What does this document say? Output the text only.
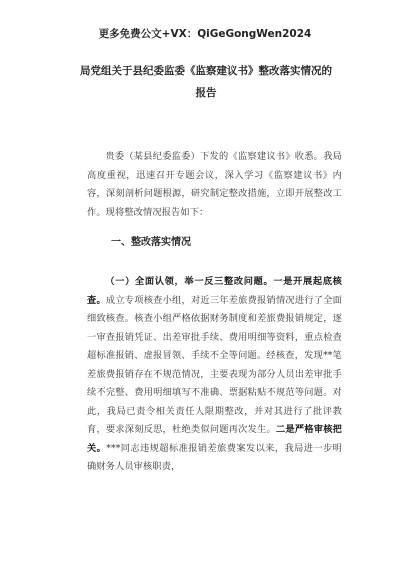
更多免费公文+VX：QiGeGongWen2024
局党组关于县纪委监委《监察建议书》整改落实情况的报告
贵委（某县纪委监委）下发的《监察建议书》收悉。我局高度重视，迅速召开专题会议，深入学习《监察建议书》内容，深刻剖析问题根源，研究制定整改措施，立即开展整改工作。现将整改情况报告如下：
一、整改落实情况
（一）全面认领，举一反三整改问题。一是开展起底核查。成立专项核查小组，对近三年差旅费报销情况进行了全面细致核查。核查小组严格依据财务制度和差旅费报销规定，逐一审查报销凭证、出差审批手续、费用明细等资料，重点检查超标准报销、虚报冒领、手续不全等问题。经核查，发现**笔差旅费报销存在不规范情况，主要表现为部分人员出差审批手续不完整、费用明细填写不准确、票据粘贴不规范等问题。对此，我局已责令相关责任人限期整改，并对其进行了批评教育，要求深刻反思，杜绝类似问题再次发生。二是严格审核把关。***同志违规超标准报销差旅费案发以来，我局进一步明确财务人员审核职责，
